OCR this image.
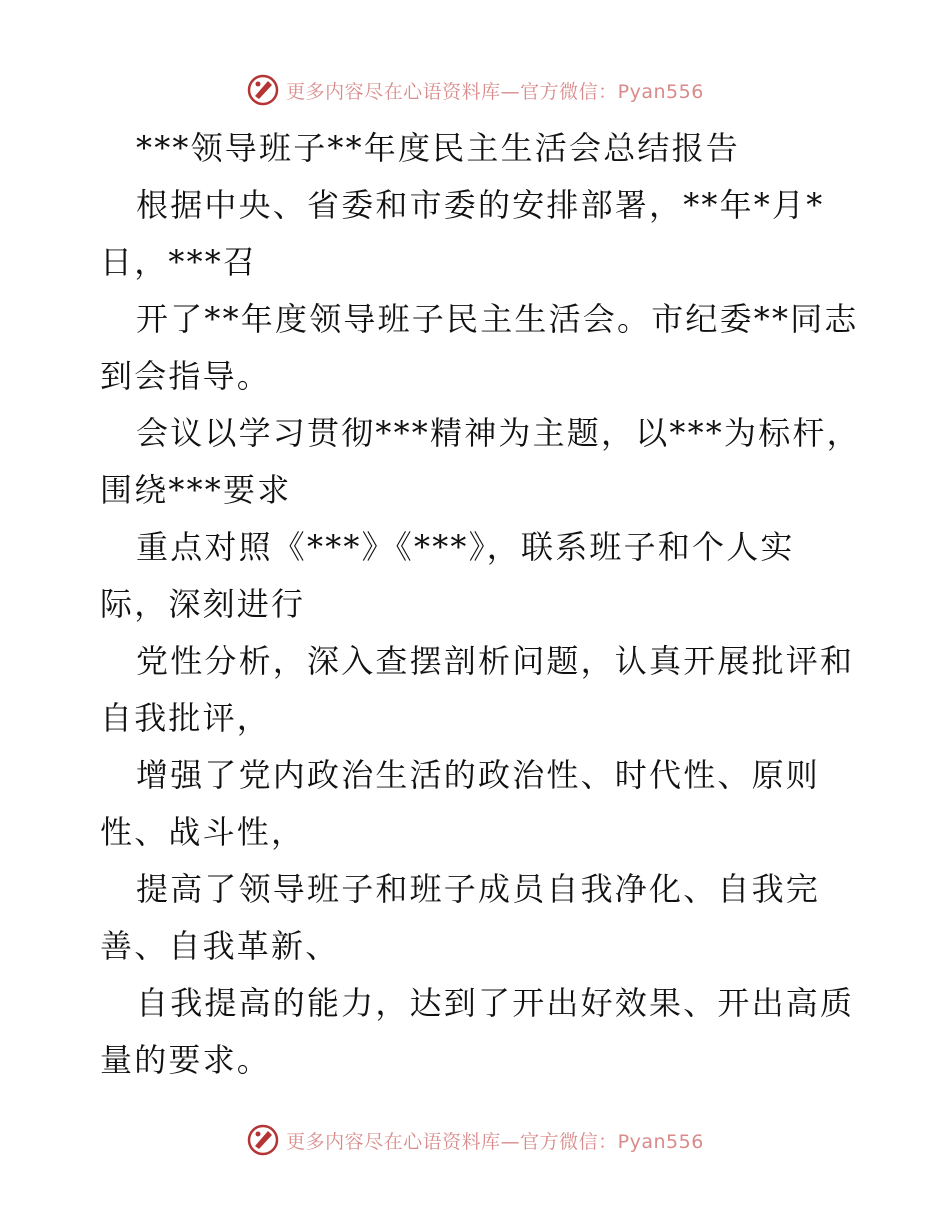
更多内容尽在心语资料库—官方微信：Pyan556

***领导班子**年度民主生活会总结报告

根据中央、省委和市委的安排部署，**年*月*

日，***召

开了**年度领导班子民主生活会。市纪委**同志

到会指导。

会议以学习贯彻***精神为主题，以***为标杆，

围绕***要求

重点对照《***》《***》，联系班子和个人实

际，深刻进行

党性分析，深入查摆剖析问题，认真开展批评和

自我批评，

增强了党内政治生活的政治性、时代性、原则

性、战斗性，

提高了领导班子和班子成员自我净化、自我完

善、自我革新、

自我提高的能力，达到了开出好效果、开出高质

量的要求。

更多内容尽在心语资料库—官方微信：Pyan556
